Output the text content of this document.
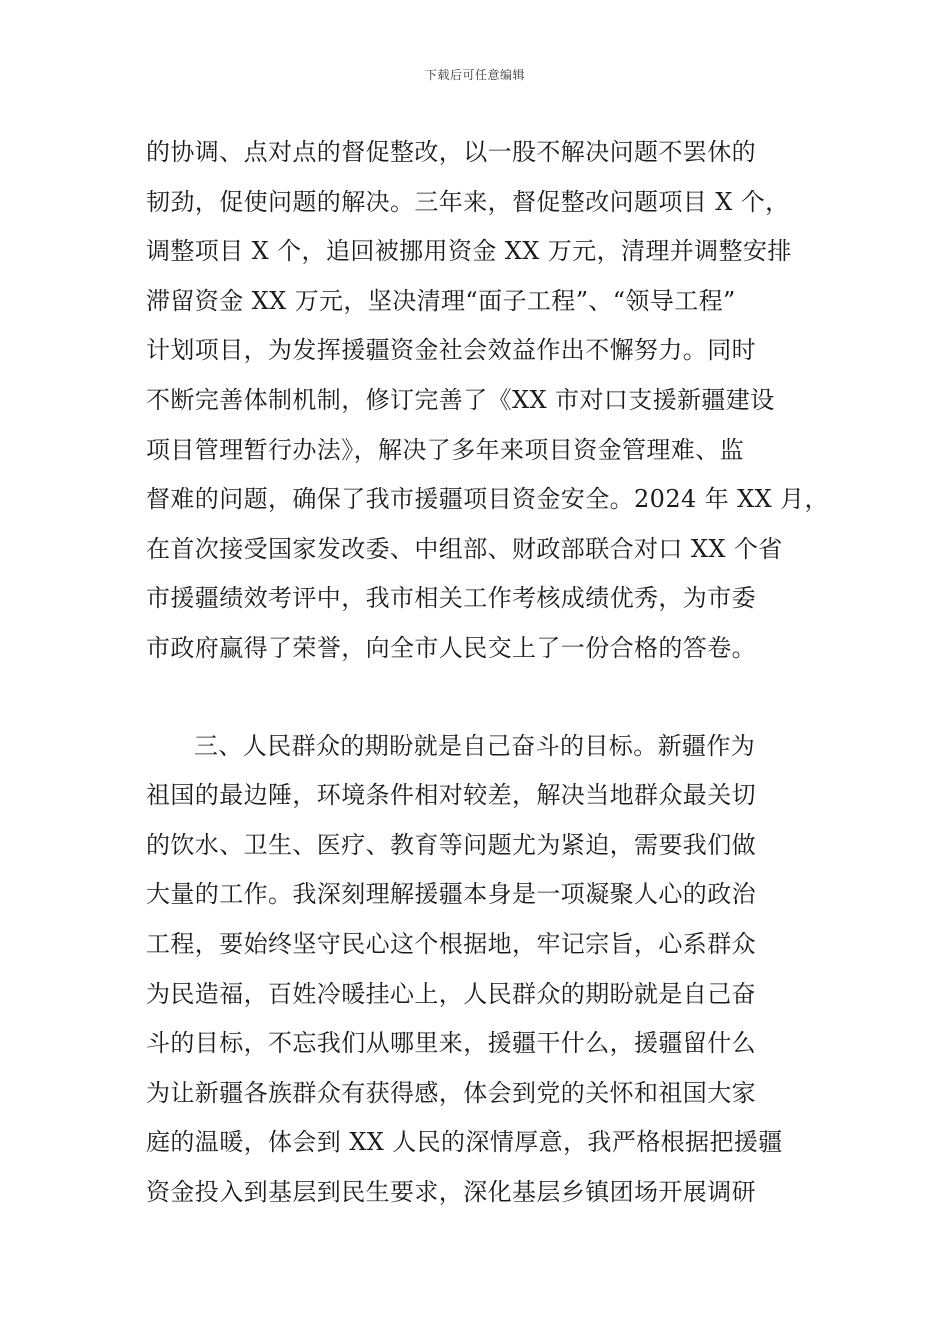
下载后可任意编辑
的协调、点对点的督促整改，以一股不解决问题不罢休的
韧劲，促使问题的解决。三年来，督促整改问题项目 X 个，
调整项目 X 个，追回被挪用资金 XX 万元，清理并调整安排
滞留资金 XX 万元，坚决清理“面子工程”、“领导工程”
计划项目，为发挥援疆资金社会效益作出不懈努力。同时
不断完善体制机制，修订完善了《XX 市对口支援新疆建设
项目管理暂行办法》，解决了多年来项目资金管理难、监
督难的问题，确保了我市援疆项目资金安全。2024 年 XX 月，
在首次接受国家发改委、中组部、财政部联合对口 XX 个省
市援疆绩效考评中，我市相关工作考核成绩优秀，为市委
市政府赢得了荣誉，向全市人民交上了一份合格的答卷。
三、人民群众的期盼就是自己奋斗的目标。新疆作为
祖国的最边陲，环境条件相对较差，解决当地群众最关切
的饮水、卫生、医疗、教育等问题尤为紧迫，需要我们做
大量的工作。我深刻理解援疆本身是一项凝聚人心的政治
工程，要始终坚守民心这个根据地，牢记宗旨，心系群众
为民造福，百姓冷暖挂心上，人民群众的期盼就是自己奋
斗的目标，不忘我们从哪里来，援疆干什么，援疆留什么
为让新疆各族群众有获得感，体会到党的关怀和祖国大家
庭的温暖，体会到 XX 人民的深情厚意，我严格根据把援疆
资金投入到基层到民生要求，深化基层乡镇团场开展调研
